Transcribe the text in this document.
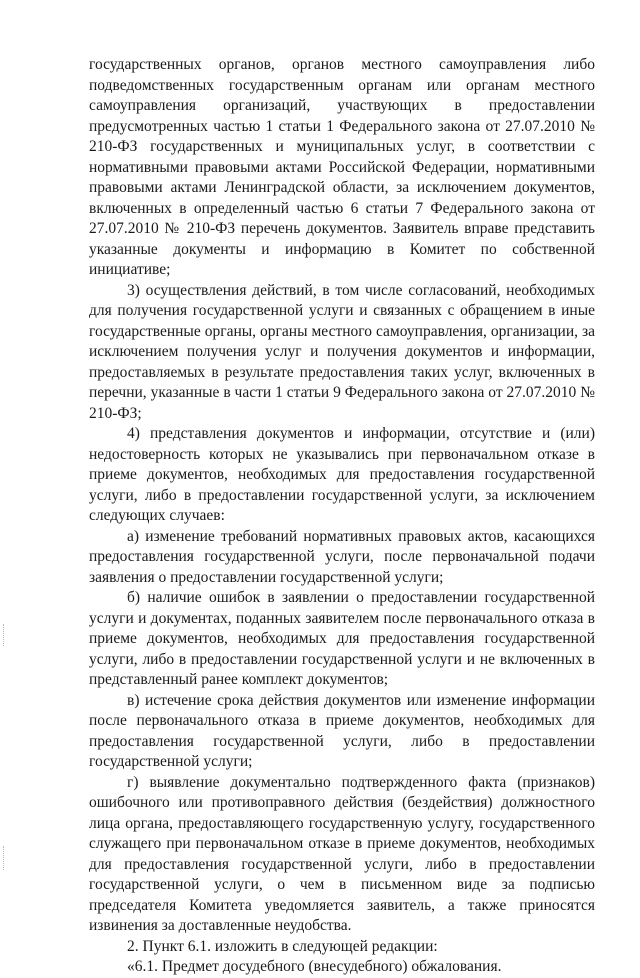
государственных органов, органов местного самоуправления либо подведомственных государственным органам или органам местного самоуправления организаций, участвующих в предоставлении предусмотренных частью 1 статьи 1 Федерального закона от 27.07.2010 № 210-ФЗ государственных и муниципальных услуг, в соответствии с нормативными правовыми актами Российской Федерации, нормативными правовыми актами Ленинградской области, за исключением документов, включенных в определенный частью 6 статьи 7 Федерального закона от 27.07.2010 № 210-ФЗ перечень документов. Заявитель вправе представить указанные документы и информацию в Комитет по собственной инициативе;

3) осуществления действий, в том числе согласований, необходимых для получения государственной услуги и связанных с обращением в иные государственные органы, органы местного самоуправления, организации, за исключением получения услуг и получения документов и информации, предоставляемых в результате предоставления таких услуг, включенных в перечни, указанные в части 1 статьи 9 Федерального закона от 27.07.2010 № 210-ФЗ;

4) представления документов и информации, отсутствие и (или) недостоверность которых не указывались при первоначальном отказе в приеме документов, необходимых для предоставления государственной услуги, либо в предоставлении государственной услуги, за исключением следующих случаев:

а) изменение требований нормативных правовых актов, касающихся предоставления государственной услуги, после первоначальной подачи заявления о предоставлении государственной услуги;

б) наличие ошибок в заявлении о предоставлении государственной услуги и документах, поданных заявителем после первоначального отказа в приеме документов, необходимых для предоставления государственной услуги, либо в предоставлении государственной услуги и не включенных в представленный ранее комплект документов;

в) истечение срока действия документов или изменение информации после первоначального отказа в приеме документов, необходимых для предоставления государственной услуги, либо в предоставлении государственной услуги;

г) выявление документально подтвержденного факта (признаков) ошибочного или противоправного действия (бездействия) должностного лица органа, предоставляющего государственную услугу, государственного служащего при первоначальном отказе в приеме документов, необходимых для предоставления государственной услуги, либо в предоставлении государственной услуги, о чем в письменном виде за подписью председателя Комитета уведомляется заявитель, а также приносятся извинения за доставленные неудобства.

2. Пункт 6.1. изложить в следующей редакции:

«6.1. Предмет досудебного (внесудебного) обжалования.
